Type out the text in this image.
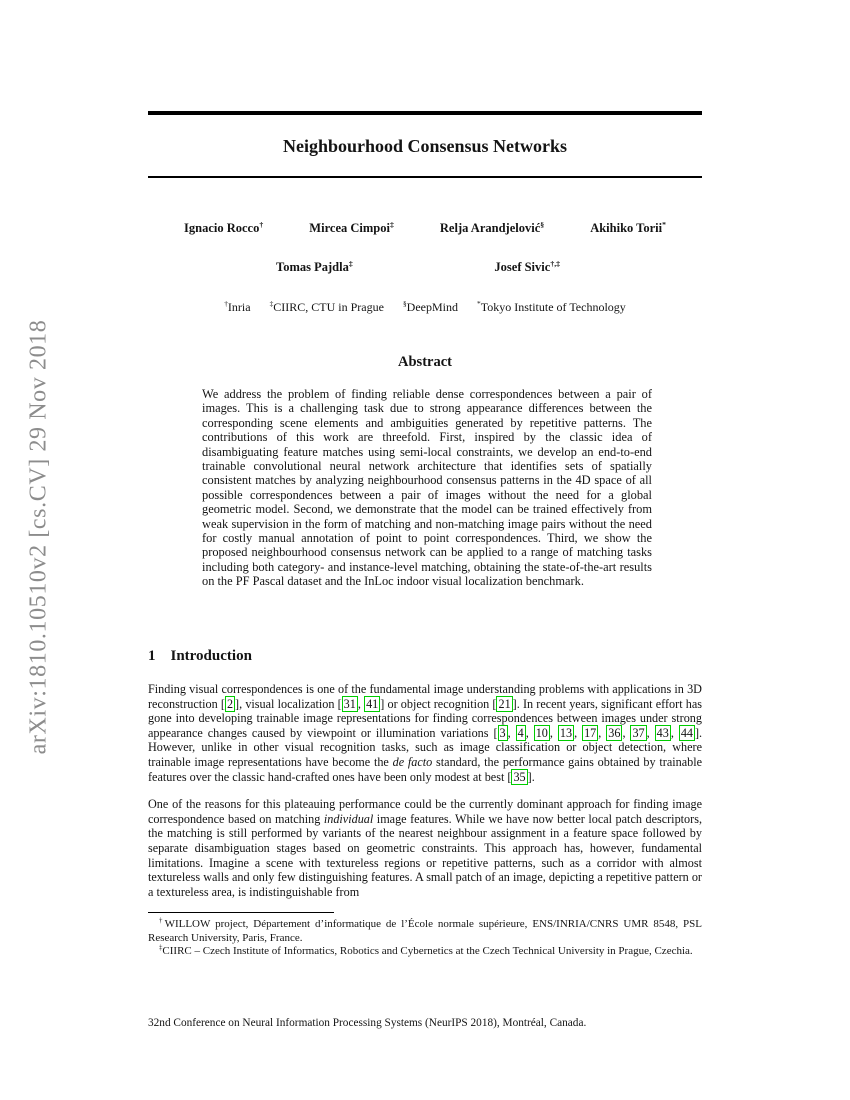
arXiv:1810.10510v2 [cs.CV] 29 Nov 2018
Neighbourhood Consensus Networks
Ignacio Rocco†	Mircea Cimpoi‡	Relja Arandjelović§	Akihiko Torii*
Tomas Pajdla‡	Josef Sivic†,‡
†Inria	‡CIIRC, CTU in Prague	§DeepMind	*Tokyo Institute of Technology
Abstract
We address the problem of finding reliable dense correspondences between a pair of images. This is a challenging task due to strong appearance differences between the corresponding scene elements and ambiguities generated by repetitive patterns. The contributions of this work are threefold. First, inspired by the classic idea of disambiguating feature matches using semi-local constraints, we develop an end-to-end trainable convolutional neural network architecture that identifies sets of spatially consistent matches by analyzing neighbourhood consensus patterns in the 4D space of all possible correspondences between a pair of images without the need for a global geometric model. Second, we demonstrate that the model can be trained effectively from weak supervision in the form of matching and non-matching image pairs without the need for costly manual annotation of point to point correspondences. Third, we show the proposed neighbourhood consensus network can be applied to a range of matching tasks including both category- and instance-level matching, obtaining the state-of-the-art results on the PF Pascal dataset and the InLoc indoor visual localization benchmark.
1 Introduction

Finding visual correspondences is one of the fundamental image understanding problems with applications in 3D reconstruction [ 2 ], visual localization [ 31 , 41 ] or object recognition [ 21 ]. In recent years, significant effort has gone into developing trainable image representations for finding correspondences between images under strong appearance changes caused by viewpoint or illumination variations [ 3 , 4 , 10 , 13 , 17 , 36 , 37 , 43 , 44 ]. However, unlike in other visual recognition tasks, such as image classification or object detection, where trainable image representations have become the de facto standard, the performance gains obtained by trainable features over the classic hand-crafted ones have been only modest at best [ 35 ].

One of the reasons for this plateauing performance could be the currently dominant approach for finding image correspondence based on matching individual image features. While we have now better local patch descriptors, the matching is still performed by variants of the nearest neighbour assignment in a feature space followed by separate disambiguation stages based on geometric constraints. This approach has, however, fundamental limitations. Imagine a scene with textureless regions or repetitive patterns, such as a corridor with almost textureless walls and only few distinguishing features. A small patch of an image, depicting a repetitive pattern or a textureless area, is indistinguishable from

†WILLOW project, Département d’informatique de l’École normale supérieure, ENS/INRIA/CNRS UMR 8548, PSL Research University, Paris, France.

‡CIIRC – Czech Institute of Informatics, Robotics and Cybernetics at the Czech Technical University in Prague, Czechia.

32nd Conference on Neural Information Processing Systems (NeurIPS 2018), Montréal, Canada.
